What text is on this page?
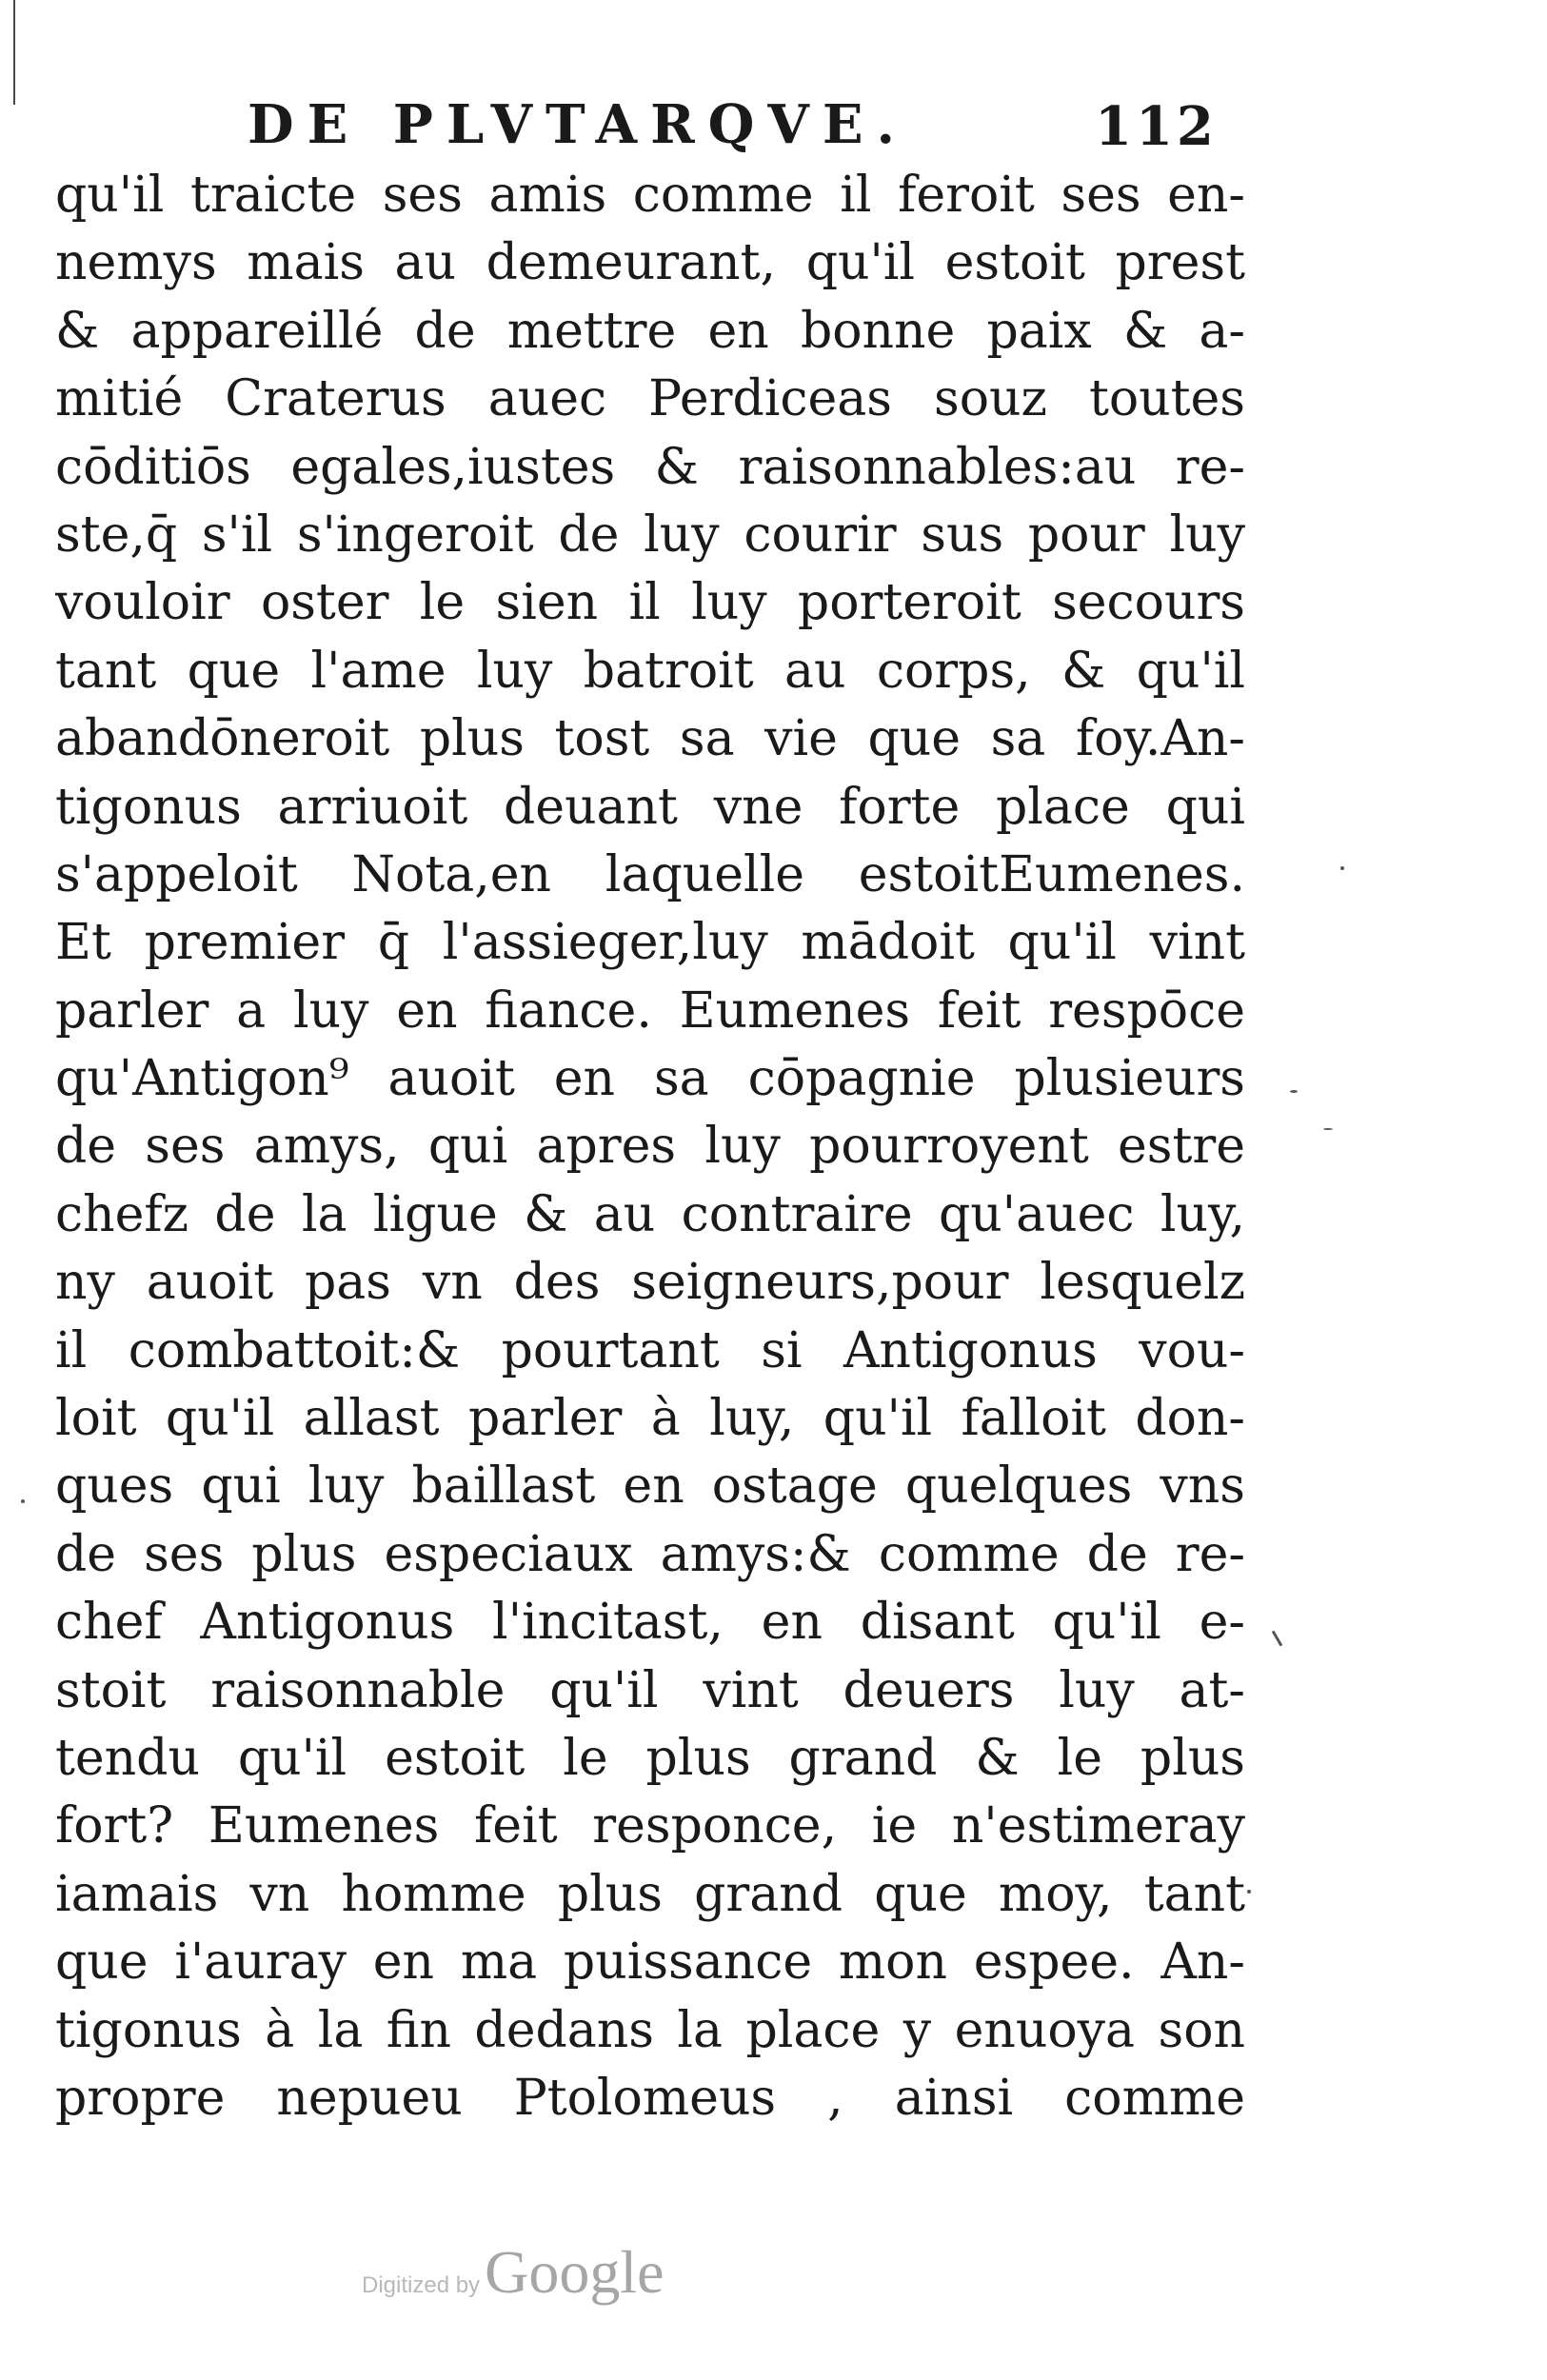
DE PLVTARQVE.	112
qu'il traicte ses amis comme il feroit ses en-
nemys mais au demeurant, qu'il estoit prest
& appareillé de mettre en bonne paix & a-
mitié Craterus auec Perdiceas souz toutes
cōditiōs egales,iustes & raisonnables:au re-
ste,q̄ s'il s'ingeroit de luy courir sus pour luy
vouloir oster le sien il luy porteroit secours
tant que l'ame luy batroit au corps, & qu'il
abandōneroit plus tost sa vie que sa foy.An-
tigonus arriuoit deuant vne forte place qui
s'appeloit Nota,en laquelle estoitEumenes.
Et premier q̄ l'assieger,luy mādoit qu'il vint
parler a luy en fiance. Eumenes feit respōce
qu'Antigon⁹ auoit en sa cōpagnie plusieurs
de ses amys, qui apres luy pourroyent estre
chefz de la ligue & au contraire qu'auec luy,
ny auoit pas vn des seigneurs,pour lesquelz
il combattoit:& pourtant si Antigonus vou-
loit qu'il allast parler à luy, qu'il falloit don-
ques qui luy baillast en ostage quelques vns
de ses plus especiaux amys:& comme de re-
chef Antigonus l'incitast, en disant qu'il e-
stoit raisonnable qu'il vint deuers luy at-
tendu qu'il estoit le plus grand & le plus
fort? Eumenes feit responce, ie n'estimeray
iamais vn homme plus grand que moy, tant
que i'auray en ma puissance mon espee. An-
tigonus à la fin dedans la place y enuoya son
propre nepueu Ptolomeus , ainsi comme
Digitized by Google
